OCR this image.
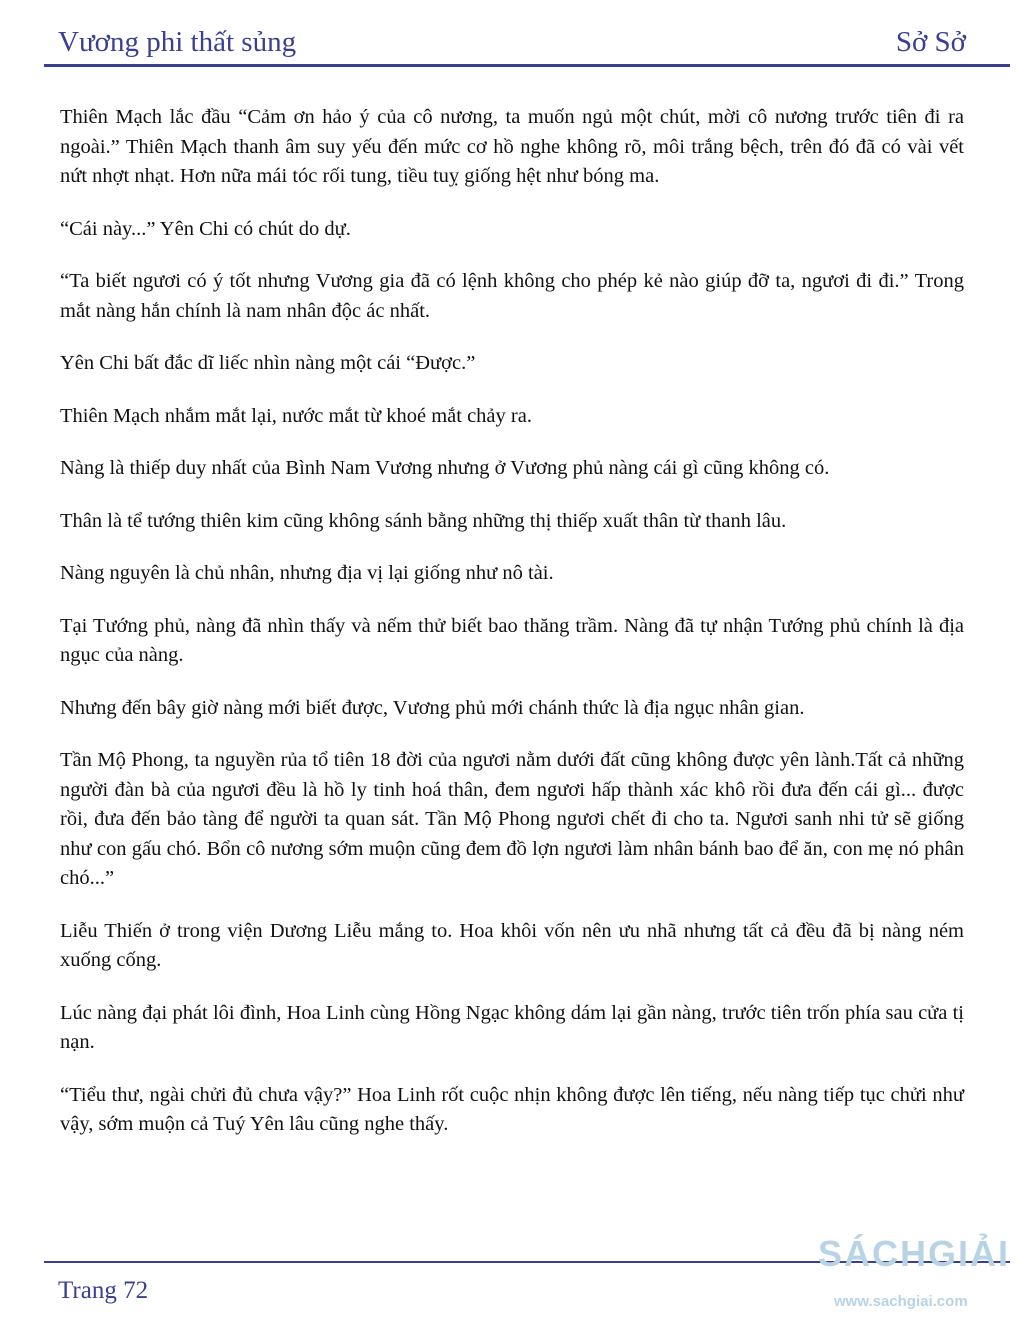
Vương phi thất sủng	Sở Sở

Thiên Mạch lắc đầu “Cảm ơn hảo ý của cô nương, ta muốn ngủ một chút, mời cô nương trước tiên đi ra ngoài.” Thiên Mạch thanh âm suy yếu đến mức cơ hồ nghe không rõ, môi trắng bệch, trên đó đã có vài vết nứt nhợt nhạt. Hơn nữa mái tóc rối tung, tiều tuỵ giống hệt như bóng ma.

“Cái này...” Yên Chi có chút do dự.

“Ta biết ngươi có ý tốt nhưng Vương gia đã có lệnh không cho phép kẻ nào giúp đỡ ta, ngươi đi đi.” Trong mắt nàng hắn chính là nam nhân độc ác nhất.

Yên Chi bất đắc dĩ liếc nhìn nàng một cái “Được.”

Thiên Mạch nhắm mắt lại, nước mắt từ khoé mắt chảy ra.

Nàng là thiếp duy nhất của Bình Nam Vương nhưng ở Vương phủ nàng cái gì cũng không có.

Thân là tể tướng thiên kim cũng không sánh bằng những thị thiếp xuất thân từ thanh lâu.

Nàng nguyên là chủ nhân, nhưng địa vị lại giống như nô tài.

Tại Tướng phủ, nàng đã nhìn thấy và nếm thử biết bao thăng trầm. Nàng đã tự nhận Tướng phủ chính là địa ngục của nàng.

Nhưng đến bây giờ nàng mới biết được, Vương phủ mới chánh thức là địa ngục nhân gian.

Tần Mộ Phong, ta nguyền rủa tổ tiên 18 đời của ngươi nằm dưới đất cũng không được yên lành.Tất cả những người đàn bà của ngươi đều là hồ ly tinh hoá thân, đem ngươi hấp thành xác khô rồi đưa đến cái gì... được rồi, đưa đến bảo tàng để người ta quan sát. Tần Mộ Phong ngươi chết đi cho ta. Ngươi sanh nhi tử sẽ giống như con gấu chó. Bổn cô nương sớm muộn cũng đem đồ lợn ngươi làm nhân bánh bao để ăn, con mẹ nó phân chó...”

Liễu Thiến ở trong viện Dương Liễu mắng to. Hoa khôi vốn nên ưu nhã nhưng tất cả đều đã bị nàng ném xuống cống.

Lúc nàng đại phát lôi đình, Hoa Linh cùng Hồng Ngạc không dám lại gần nàng, trước tiên trốn phía sau cửa tị nạn.

“Tiểu thư, ngài chửi đủ chưa vậy?” Hoa Linh rốt cuộc nhịn không được lên tiếng, nếu nàng tiếp tục chửi như vậy, sớm muộn cả Tuý Yên lâu cũng nghe thấy.

Trang 72
SÁCHGIẢI
www.sachgiai.com
